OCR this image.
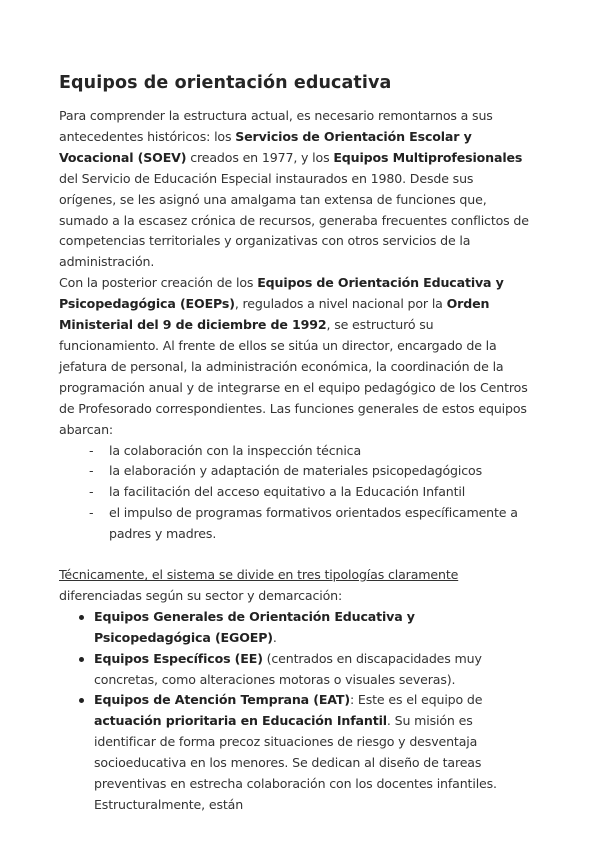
Equipos de orientación educativa

Para comprender la estructura actual, es necesario remontarnos a sus antecedentes históricos: los Servicios de Orientación Escolar y Vocacional (SOEV) creados en 1977, y los Equipos Multiprofesionales del Servicio de Educación Especial instaurados en 1980. Desde sus orígenes, se les asignó una amalgama tan extensa de funciones que, sumado a la escasez crónica de recursos, generaba frecuentes conflictos de competencias territoriales y organizativas con otros servicios de la administración.

Con la posterior creación de los Equipos de Orientación Educativa y Psicopedagógica (EOEPs), regulados a nivel nacional por la Orden Ministerial del 9 de diciembre de 1992, se estructuró su funcionamiento. Al frente de ellos se sitúa un director, encargado de la jefatura de personal, la administración económica, la coordinación de la programación anual y de integrarse en el equipo pedagógico de los Centros de Profesorado correspondientes. Las funciones generales de estos equipos abarcan:

- la colaboración con la inspección técnica
- la elaboración y adaptación de materiales psicopedagógicos
- la facilitación del acceso equitativo a la Educación Infantil
- el impulso de programas formativos orientados específicamente a padres y madres.

Técnicamente, el sistema se divide en tres tipologías claramente diferenciadas según su sector y demarcación:

Equipos Generales de Orientación Educativa y Psicopedagógica (EGOEP).
Equipos Específicos (EE) (centrados en discapacidades muy concretas, como alteraciones motoras o visuales severas).
Equipos de Atención Temprana (EAT): Este es el equipo de actuación prioritaria en Educación Infantil. Su misión es identificar de forma precoz situaciones de riesgo y desventaja socioeducativa en los menores. Se dedican al diseño de tareas preventivas en estrecha colaboración con los docentes infantiles. Estructuralmente, están
